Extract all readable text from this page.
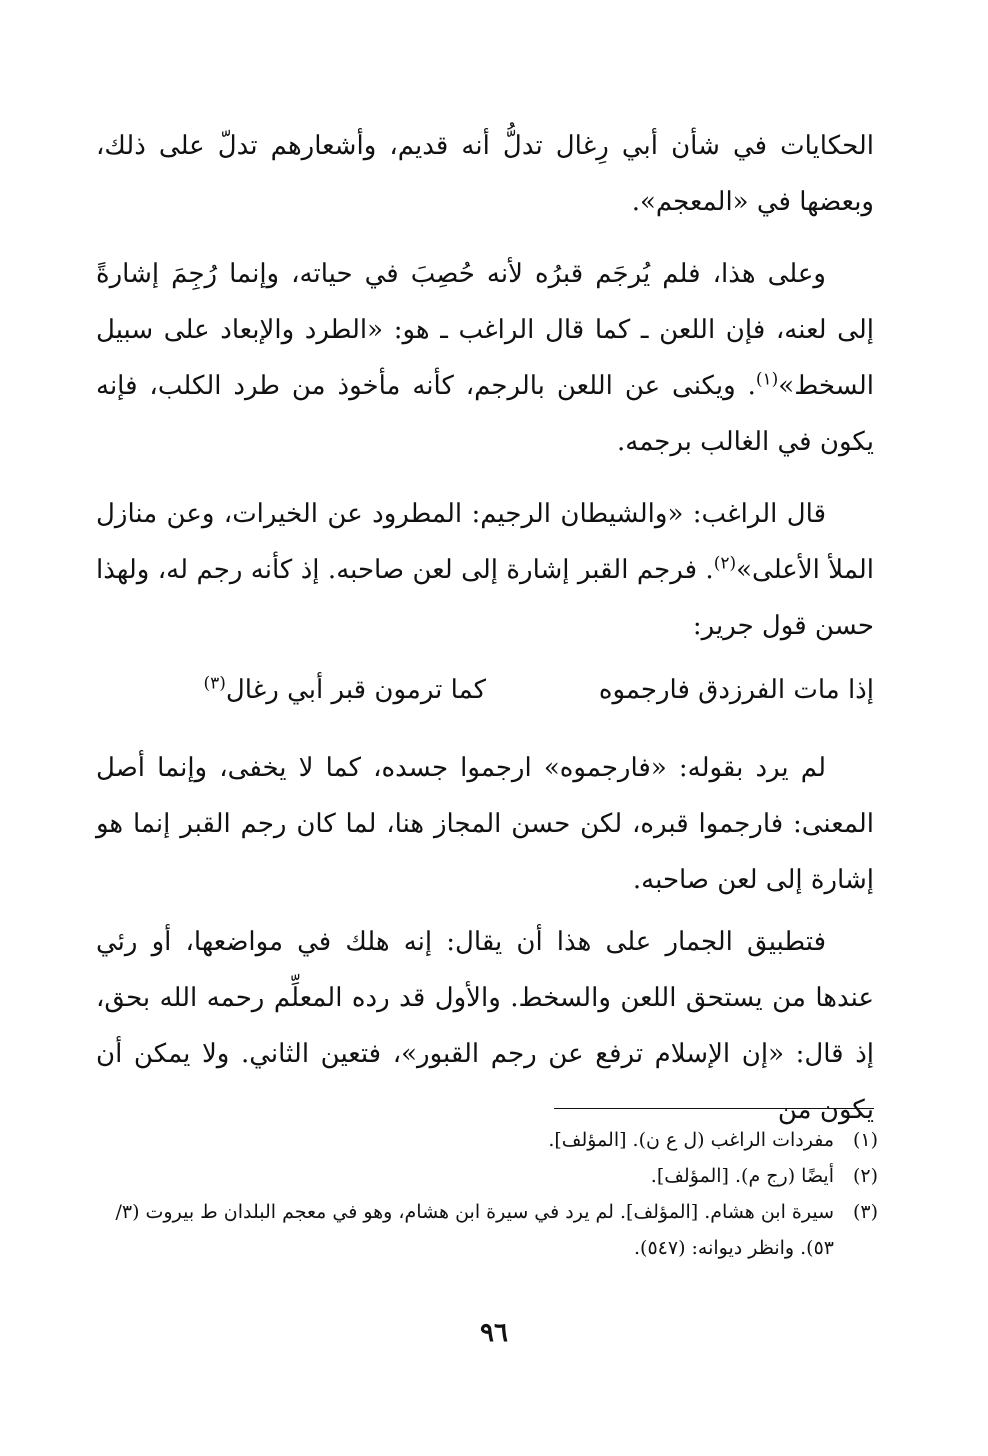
الحكايات في شأن أبي رِغال تدلُّ أنه قديم، وأشعارهم تدلّ على ذلك، وبعضها في «المعجم».

وعلى هذا، فلم يُرجَم قبرُه لأنه حُصِبَ في حياته، وإنما رُجِمَ إشارةً إلى لعنه، فإن اللعن ـ كما قال الراغب ـ هو: «الطرد والإبعاد على سبيل السخط»$^{(١)}$. ويكنى عن اللعن بالرجم، كأنه مأخوذ من طرد الكلب، فإنه يكون في الغالب برجمه.

قال الراغب: «والشيطان الرجيم: المطرود عن الخيرات، وعن منازل الملأ الأعلى»$^{(٢)}$. فرجم القبر إشارة إلى لعن صاحبه. إذ كأنه رجم له، ولهذا حسن قول جرير:

إذا مات الفرزدق فارجموه
كما ترمون قبر أبي رغال$^{(٣)}$

لم يرد بقوله: «فارجموه» ارجموا جسده، كما لا يخفى، وإنما أصل المعنى: فارجموا قبره، لكن حسن المجاز هنا، لما كان رجم القبر إنما هو إشارة إلى لعن صاحبه.

فتطبيق الجمار على هذا أن يقال: إنه هلك في مواضعها، أو رئي عندها من يستحق اللعن والسخط. والأول قد رده المعلِّم رحمه الله بحق، إذ قال: «إن الإسلام ترفع عن رجم القبور»، فتعين الثاني. ولا يمكن أن يكون من

(١)
مفردات الراغب (ل ع ن). [المؤلف].
(٢)
أيضًا (رج م). [المؤلف].
(٣)
سيرة ابن هشام. [المؤلف]. لم يرد في سيرة ابن هشام، وهو في معجم البلدان ط بيروت (٣/ ٥٣). وانظر ديوانه: (٥٤٧).
٩٦
